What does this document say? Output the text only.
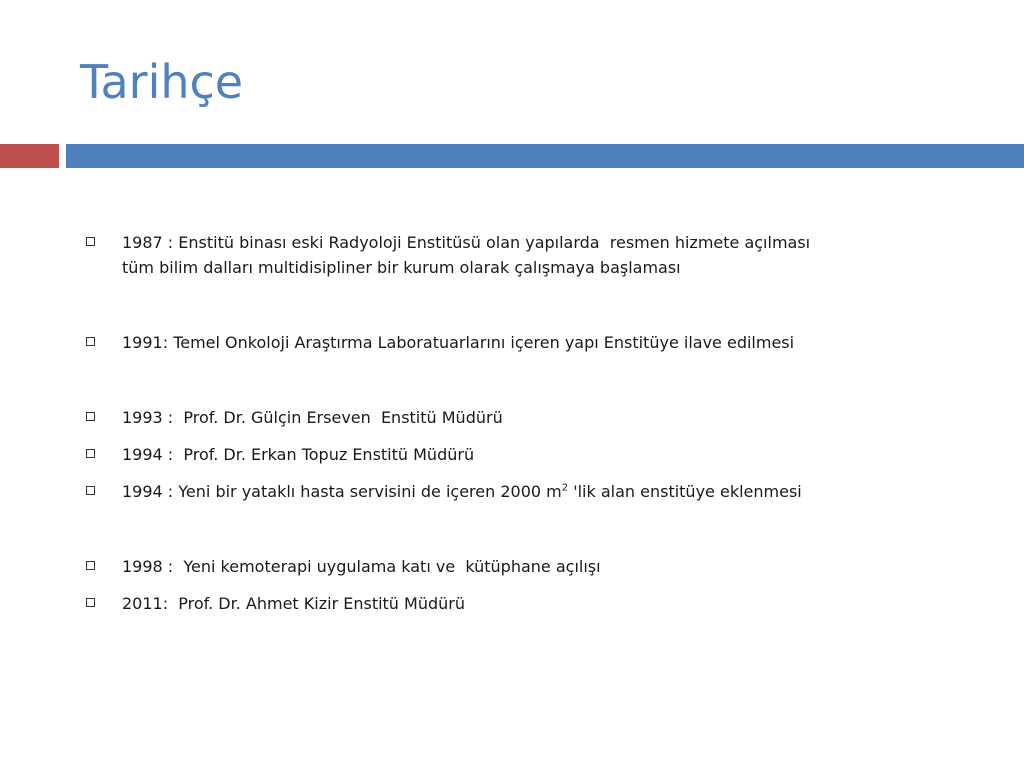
Tarihçe
1987 : Enstitü binası eski Radyoloji Enstitüsü olan yapılarda  resmen hizmete açılması
tüm bilim dalları multidisipliner bir kurum olarak çalışmaya başlaması
1991: Temel Onkoloji Araştırma Laboratuarlarını içeren yapı Enstitüye ilave edilmesi
1993 :  Prof. Dr. Gülçin Erseven  Enstitü Müdürü
1994 :  Prof. Dr. Erkan Topuz Enstitü Müdürü
1994 : Yeni bir yataklı hasta servisini de içeren 2000 $m^2$ 'lik alan enstitüye eklenmesi
1998 :  Yeni kemoterapi uygulama katı ve  kütüphane açılışı
2011:  Prof. Dr. Ahmet Kizir Enstitü Müdürü
